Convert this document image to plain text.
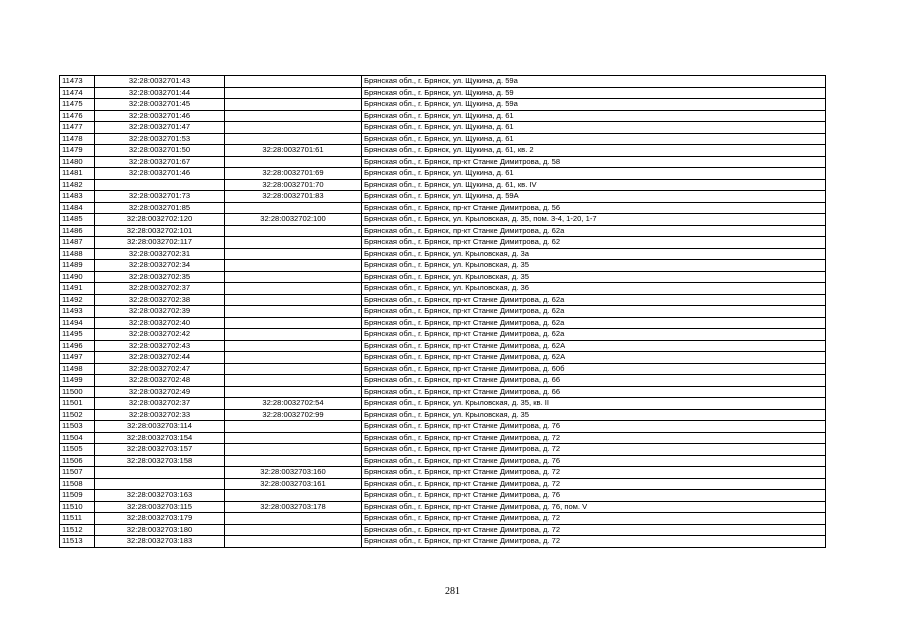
11473	32:28:0032701:43		Брянская обл., г. Брянск, ул. Щукина, д. 59а
11474	32:28:0032701:44		Брянская обл., г. Брянск, ул. Щукина, д. 59
11475	32:28:0032701:45		Брянская обл., г. Брянск, ул. Щукина, д. 59а
11476	32:28:0032701:46		Брянская обл., г. Брянск, ул. Щукина, д. 61
11477	32:28:0032701:47		Брянская обл., г. Брянск, ул. Щукина, д. 61
11478	32:28:0032701:53		Брянская обл., г. Брянск, ул. Щукина, д. 61
11479	32:28:0032701:50	32:28:0032701:61	Брянская обл., г. Брянск, ул. Щукина, д. 61, кв. 2
11480	32:28:0032701:67		Брянская обл., г. Брянск, пр-кт Станке Димитрова, д. 58
11481	32:28:0032701:46	32:28:0032701:69	Брянская обл., г. Брянск, ул. Щукина, д. 61
11482		32:28:0032701:70	Брянская обл., г. Брянск, ул. Щукина, д. 61, кв. IV
11483	32:28:0032701:73	32:28:0032701:83	Брянская обл., г. Брянск, ул. Щукина, д. 59А
11484	32:28:0032701:85		Брянская обл., г. Брянск, пр-кт Станке Димитрова, д. 56
11485	32:28:0032702:120	32:28:0032702:100	Брянская обл., г. Брянск, ул. Крыловская, д. 35, пом. 3-4, 1-20, 1-7
11486	32:28:0032702:101		Брянская обл., г. Брянск, пр-кт Станке Димитрова, д. 62а
11487	32:28:0032702:117		Брянская обл., г. Брянск, пр-кт Станке Димитрова, д. 62
11488	32:28:0032702:31		Брянская обл., г. Брянск, ул. Крыловская, д. 3а
11489	32:28:0032702:34		Брянская обл., г. Брянск, ул. Крыловская, д. 35
11490	32:28:0032702:35		Брянская обл., г. Брянск, ул. Крыловская, д. 35
11491	32:28:0032702:37		Брянская обл., г. Брянск, ул. Крыловская, д. 36
11492	32:28:0032702:38		Брянская обл., г. Брянск, пр-кт Станке Димитрова, д. 62а
11493	32:28:0032702:39		Брянская обл., г. Брянск, пр-кт Станке Димитрова, д. 62а
11494	32:28:0032702:40		Брянская обл., г. Брянск, пр-кт Станке Димитрова, д. 62а
11495	32:28:0032702:42		Брянская обл., г. Брянск, пр-кт Станке Димитрова, д. 62а
11496	32:28:0032702:43		Брянская обл., г. Брянск, пр-кт Станке Димитрова, д. 62А
11497	32:28:0032702:44		Брянская обл., г. Брянск, пр-кт Станке Димитрова, д. 62А
11498	32:28:0032702:47		Брянская обл., г. Брянск, пр-кт Станке Димитрова, д. 60б
11499	32:28:0032702:48		Брянская обл., г. Брянск, пр-кт Станке Димитрова, д. 66
11500	32:28:0032702:49		Брянская обл., г. Брянск, пр-кт Станке Димитрова, д. 66
11501	32:28:0032702:37	32:28:0032702:54	Брянская обл., г. Брянск, ул. Крыловская, д. 35, кв. II
11502	32:28:0032702:33	32:28:0032702:99	Брянская обл., г. Брянск, ул. Крыловская, д. 35
11503	32:28:0032703:114		Брянская обл., г. Брянск, пр-кт Станке Димитрова, д. 76
11504	32:28:0032703:154		Брянская обл., г. Брянск, пр-кт Станке Димитрова, д. 72
11505	32:28:0032703:157		Брянская обл., г. Брянск, пр-кт Станке Димитрова, д. 72
11506	32:28:0032703:158		Брянская обл., г. Брянск, пр-кт Станке Димитрова, д. 76
11507		32:28:0032703:160	Брянская обл., г. Брянск, пр-кт Станке Димитрова, д. 72
11508		32:28:0032703:161	Брянская обл., г. Брянск, пр-кт Станке Димитрова, д. 72
11509	32:28:0032703:163		Брянская обл., г. Брянск, пр-кт Станке Димитрова, д. 76
11510	32:28:0032703:115	32:28:0032703:178	Брянская обл., г. Брянск, пр-кт Станке Димитрова, д. 76, пом. V
11511	32:28:0032703:179		Брянская обл., г. Брянск, пр-кт Станке Димитрова, д. 72
11512	32:28:0032703:180		Брянская обл., г. Брянск, пр-кт Станке Димитрова, д. 72
11513	32:28:0032703:183		Брянская обл., г. Брянск, пр-кт Станке Димитрова, д. 72
281
